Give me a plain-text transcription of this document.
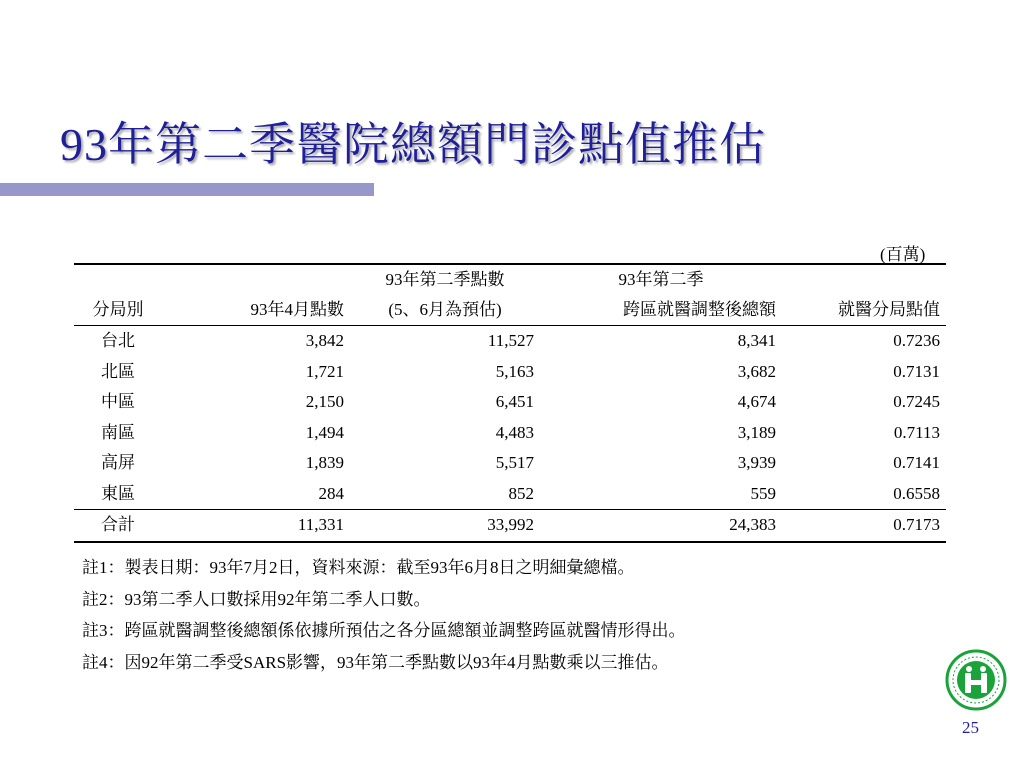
93年第二季醫院總額門診點值推估
(百萬)
		93年第二季點數	93年第二季	
分局別	93年4月點數	(5、6月為預估)	跨區就醫調整後總額	就醫分局點值
台北	3,842	11,527	8,341	0.7236
北區	1,721	5,163	3,682	0.7131
中區	2,150	6,451	4,674	0.7245
南區	1,494	4,483	3,189	0.7113
高屏	1,839	5,517	3,939	0.7141
東區	284	852	559	0.6558
合計	11,331	33,992	24,383	0.7173
註1：製表日期：93年7月2日，資料來源：截至93年6月8日之明細彙總檔。
註2：93第二季人口數採用92年第二季人口數。
註3：跨區就醫調整後總額係依據所預估之各分區總額並調整跨區就醫情形得出。
註4：因92年第二季受SARS影響，93年第二季點數以93年4月點數乘以三推估。
25
